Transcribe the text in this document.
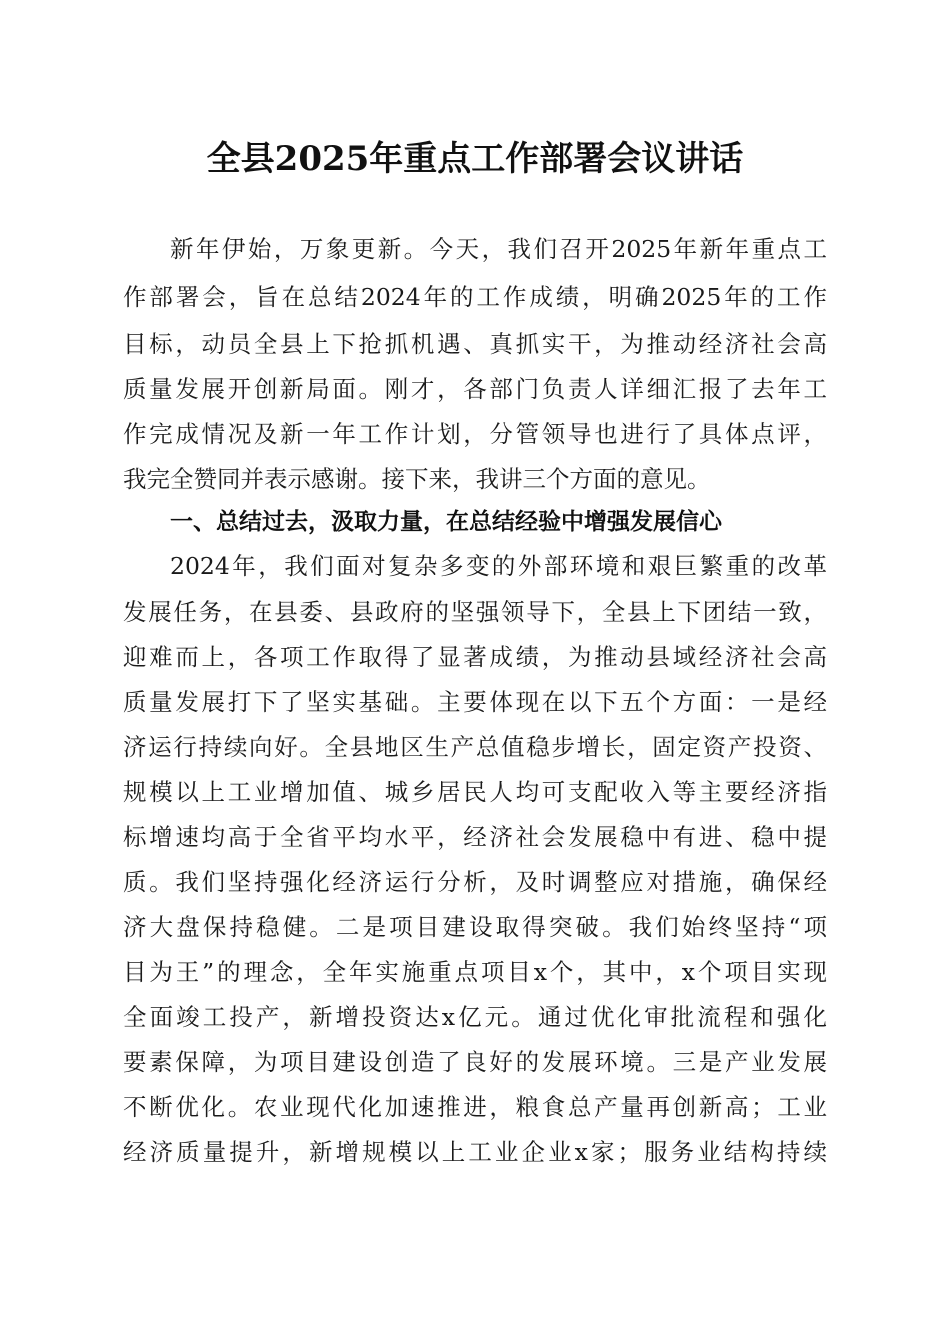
全县2025年重点工作部署会议讲话

新年伊始，万象更新。今天，我们召开2025年新年重点工

作部署会，旨在总结2024年的工作成绩，明确2025年的工作

目标，动员全县上下抢抓机遇、真抓实干，为推动经济社会高

质量发展开创新局面。刚才，各部门负责人详细汇报了去年工

作完成情况及新一年工作计划，分管领导也进行了具体点评，

我完全赞同并表示感谢。接下来，我讲三个方面的意见。

一、总结过去，汲取力量，在总结经验中增强发展信心

2024年，我们面对复杂多变的外部环境和艰巨繁重的改革

发展任务，在县委、县政府的坚强领导下，全县上下团结一致，

迎难而上，各项工作取得了显著成绩，为推动县域经济社会高

质量发展打下了坚实基础。主要体现在以下五个方面：一是经

济运行持续向好。全县地区生产总值稳步增长，固定资产投资、

规模以上工业增加值、城乡居民人均可支配收入等主要经济指

标增速均高于全省平均水平，经济社会发展稳中有进、稳中提

质。我们坚持强化经济运行分析，及时调整应对措施，确保经

济大盘保持稳健。二是项目建设取得突破。我们始终坚持“项

目为王”的理念，全年实施重点项目x个，其中，x个项目实现

全面竣工投产，新增投资达x亿元。通过优化审批流程和强化

要素保障，为项目建设创造了良好的发展环境。三是产业发展

不断优化。农业现代化加速推进，粮食总产量再创新高；工业

经济质量提升，新增规模以上工业企业x家；服务业结构持续
